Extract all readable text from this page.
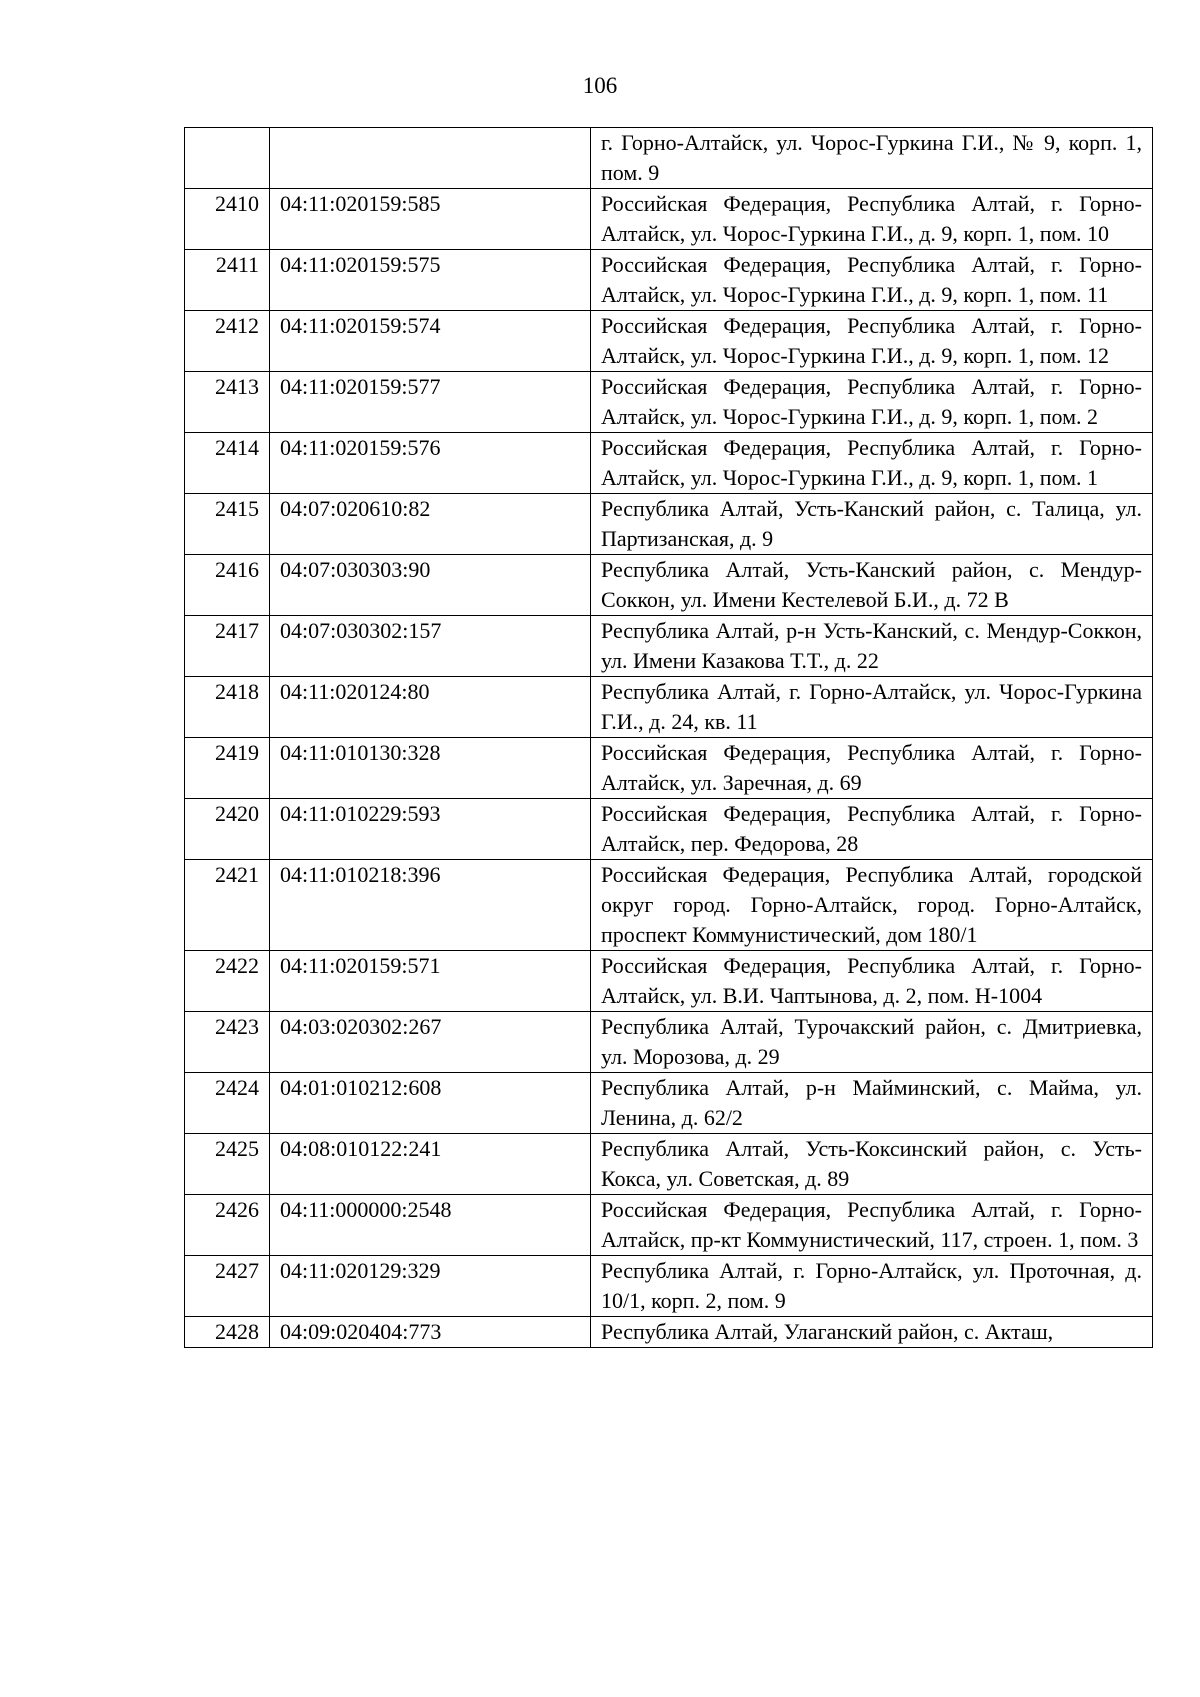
106
		г. Горно-Алтайск, ул. Чорос-Гуркина Г.И., № 9, корп. 1, пом. 9
2410	04:11:020159:585	Российская Федерация, Республика Алтай, г. Горно-Алтайск, ул. Чорос-Гуркина Г.И., д. 9, корп. 1, пом. 10
2411	04:11:020159:575	Российская Федерация, Республика Алтай, г. Горно-Алтайск, ул. Чорос-Гуркина Г.И., д. 9, корп. 1, пом. 11
2412	04:11:020159:574	Российская Федерация, Республика Алтай, г. Горно-Алтайск, ул. Чорос-Гуркина Г.И., д. 9, корп. 1, пом. 12
2413	04:11:020159:577	Российская Федерация, Республика Алтай, г. Горно-Алтайск, ул. Чорос-Гуркина Г.И., д. 9, корп. 1, пом. 2
2414	04:11:020159:576	Российская Федерация, Республика Алтай, г. Горно-Алтайск, ул. Чорос-Гуркина Г.И., д. 9, корп. 1, пом. 1
2415	04:07:020610:82	Республика Алтай, Усть-Канский район, с. Талица, ул. Партизанская, д. 9
2416	04:07:030303:90	Республика Алтай, Усть-Канский район, с. Мендур-Соккон, ул. Имени Кестелевой Б.И., д. 72 В
2417	04:07:030302:157	Республика Алтай, р-н Усть-Канский, с. Мендур-Соккон, ул. Имени Казакова Т.Т., д. 22
2418	04:11:020124:80	Республика Алтай, г. Горно-Алтайск, ул. Чорос-Гуркина Г.И., д. 24, кв. 11
2419	04:11:010130:328	Российская Федерация, Республика Алтай, г. Горно-Алтайск, ул. Заречная, д. 69
2420	04:11:010229:593	Российская Федерация, Республика Алтай, г. Горно-Алтайск, пер. Федорова, 28
2421	04:11:010218:396	Российская Федерация, Республика Алтай, городской округ город. Горно-Алтайск, город. Горно-Алтайск, проспект Коммунистический, дом 180/1
2422	04:11:020159:571	Российская Федерация, Республика Алтай, г. Горно-Алтайск, ул. В.И. Чаптынова, д. 2, пом. Н-1004
2423	04:03:020302:267	Республика Алтай, Турочакский район, с. Дмитриевка, ул. Морозова, д. 29
2424	04:01:010212:608	Республика Алтай, р-н Майминский, с. Майма, ул. Ленина, д. 62/2
2425	04:08:010122:241	Республика Алтай, Усть-Коксинский район, с. Усть-Кокса, ул. Советская, д. 89
2426	04:11:000000:2548	Российская Федерация, Республика Алтай, г. Горно-Алтайск, пр-кт Коммунистический, 117, строен. 1, пом. 3
2427	04:11:020129:329	Республика Алтай, г. Горно-Алтайск, ул. Проточная, д. 10/1, корп. 2, пом. 9
2428	04:09:020404:773	Республика Алтай, Улаганский район, с. Акташ,
